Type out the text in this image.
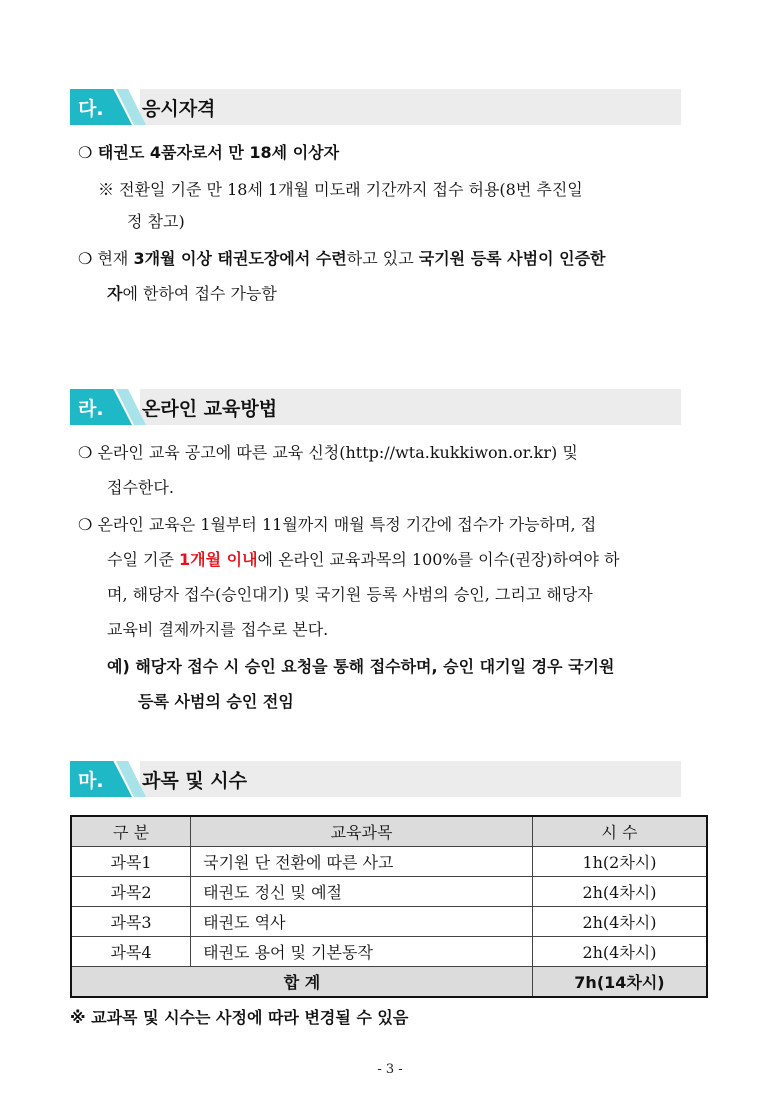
다. 응시자격
❍ 태권도 4품자로서 만 18세 이상자
※ 전환일 기준 만 18세 1개월 미도래 기간까지 접수 허용(8번 추진일
정 참고)
❍ 현재 3개월 이상 태권도장에서 수련하고 있고 국기원 등록 사범이 인증한
자에 한하여 접수 가능함
라. 온라인 교육방법
❍ 온라인 교육 공고에 따른 교육 신청(http://wta.kukkiwon.or.kr) 및
접수한다.
❍ 온라인 교육은 1월부터 11월까지 매월 특정 기간에 접수가 가능하며, 접
수일 기준 1개월 이내에 온라인 교육과목의 100%를 이수(권장)하여야 하
며, 해당자 접수(승인대기) 및 국기원 등록 사범의 승인, 그리고 해당자
교육비 결제까지를 접수로 본다.
예) 해당자 접수 시 승인 요청을 통해 접수하며, 승인 대기일 경우 국기원
등록 사범의 승인 전임
마. 과목 및 시수
구 분	교육과목	시 수
과목1	국기원 단 전환에 따른 사고	1h(2차시)
과목2	태권도 정신 및 예절	2h(4차시)
과목3	태권도 역사	2h(4차시)
과목4	태권도 용어 및 기본동작	2h(4차시)
합 계		7h(14차시)
※ 교과목 및 시수는 사정에 따라 변경될 수 있음
- 3 -
